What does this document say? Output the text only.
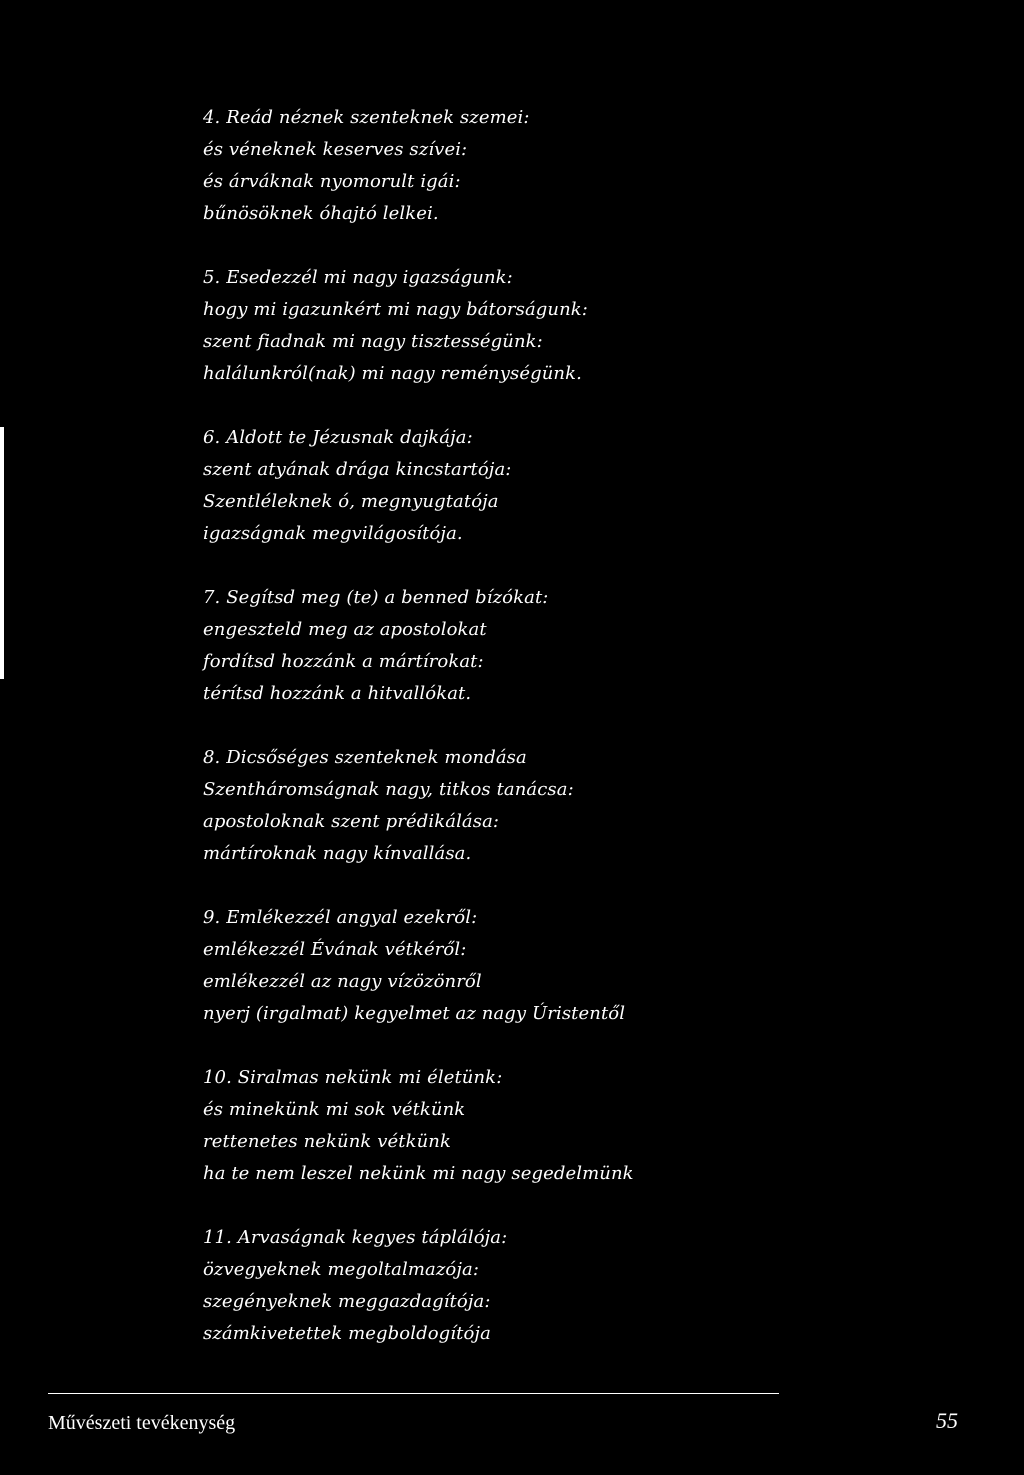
4. Reád néznek szenteknek szemei:
és véneknek keserves szívei:
és árváknak nyomorult igái:
bűnösöknek óhajtó lelkei.
5. Esedezzél mi nagy igazságunk:
hogy mi igazunkért mi nagy bátorságunk:
szent fiadnak mi nagy tisztességünk:
halálunkról(nak) mi nagy reménységünk.
6. Aldott te Jézusnak dajkája:
szent atyának drága kincstartója:
Szentléleknek ó, megnyugtatója
igazságnak megvilágosítója.
7. Segítsd meg (te) a benned bízókat:
engeszteld meg az apostolokat
fordítsd hozzánk a mártírokat:
térítsd hozzánk a hitvallókat.
8. Dicsőséges szenteknek mondása
Szentháromságnak nagy, titkos tanácsa:
apostoloknak szent prédikálása:
mártíroknak nagy kínvallása.
9. Emlékezzél angyal ezekről:
emlékezzél Évának vétkéről:
emlékezzél az nagy vízözönről
nyerj (irgalmat) kegyelmet az nagy Úristentől
10. Siralmas nekünk mi életünk:
és minekünk mi sok vétkünk
rettenetes nekünk vétkünk
ha te nem leszel nekünk mi nagy segedelmünk
11. Arvaságnak kegyes táplálója:
özvegyeknek megoltalmazója:
szegényeknek meggazdagítója:
számkivetettek megboldogítója
Művészeti tevékenység	55
